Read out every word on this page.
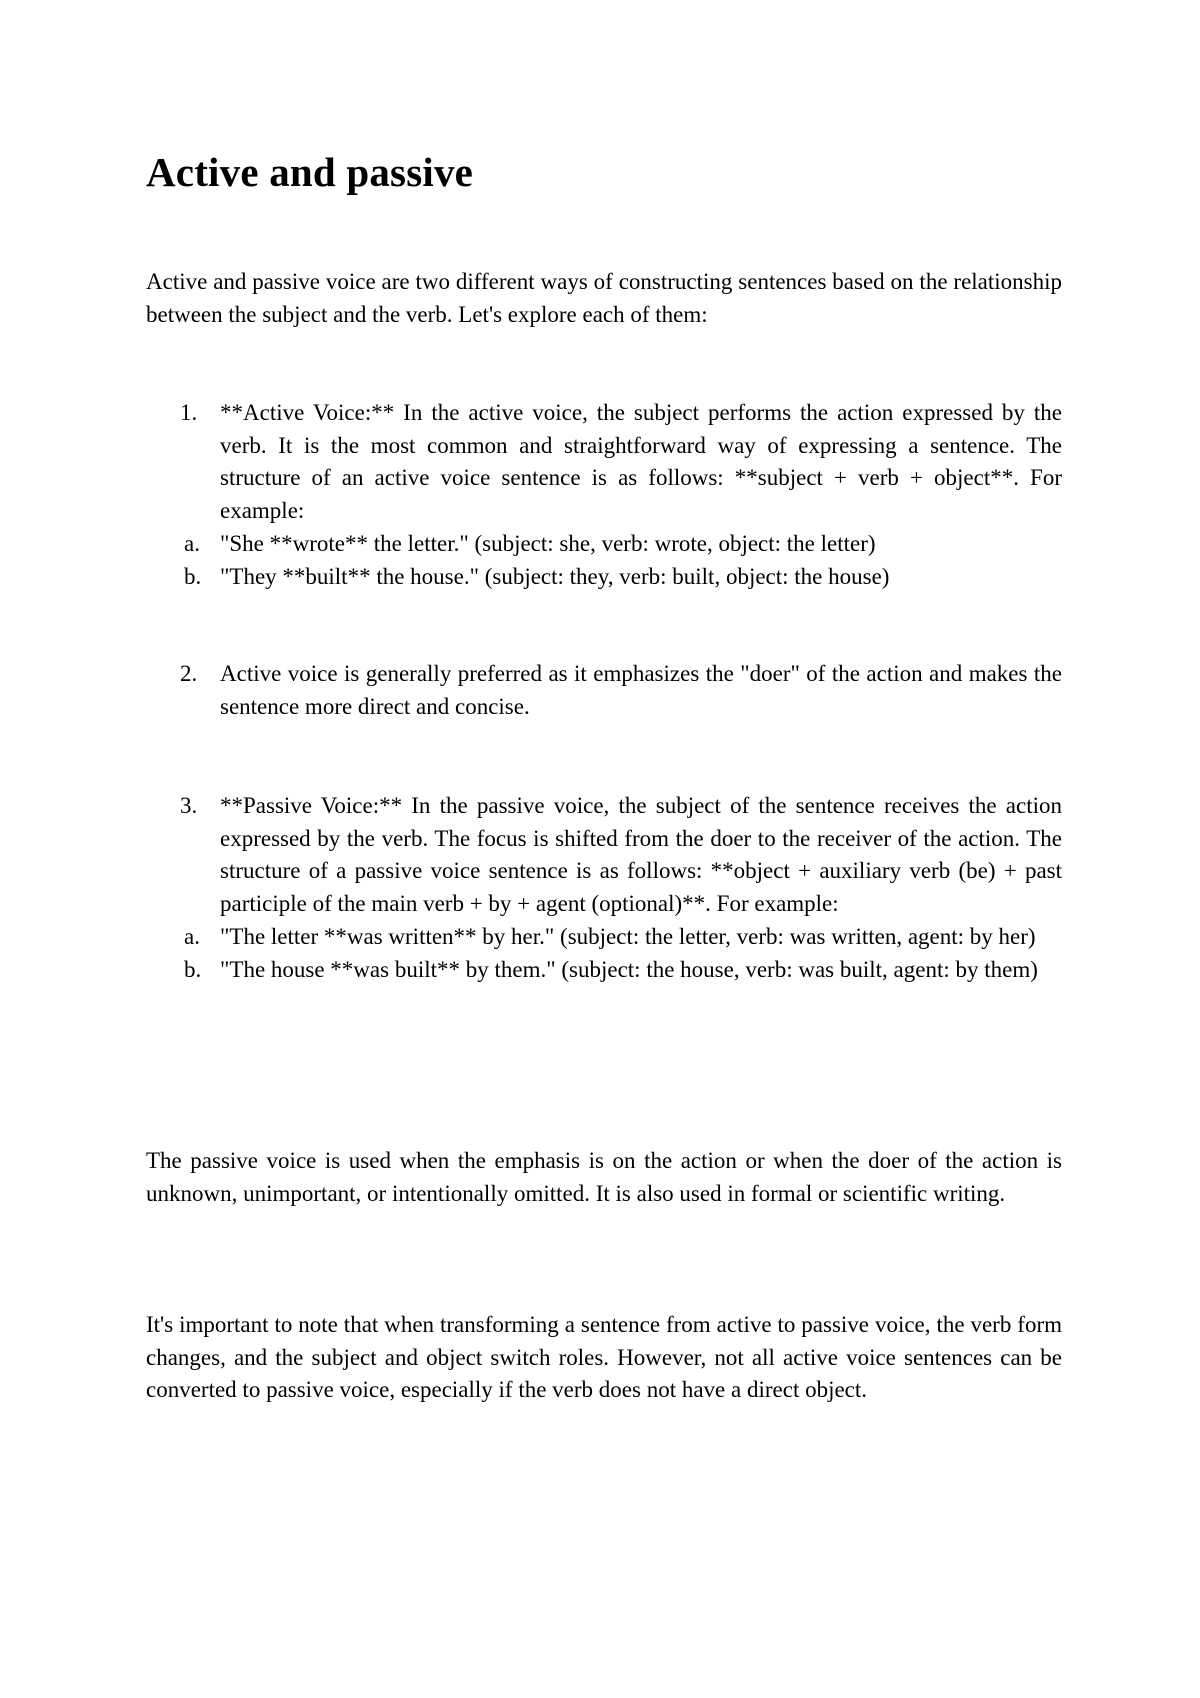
Active and passive

Active and passive voice are two different ways of constructing sentences based on the relationship between the subject and the verb. Let's explore each of them:

1. **Active Voice:** In the active voice, the subject performs the action expressed by the verb. It is the most common and straightforward way of expressing a sentence. The structure of an active voice sentence is as follows: **subject + verb + object**. For example:
a. "She **wrote** the letter." (subject: she, verb: wrote, object: the letter)
b. "They **built** the house." (subject: they, verb: built, object: the house)
2. Active voice is generally preferred as it emphasizes the "doer" of the action and makes the sentence more direct and concise.
3. **Passive Voice:** In the passive voice, the subject of the sentence receives the action expressed by the verb. The focus is shifted from the doer to the receiver of the action. The structure of a passive voice sentence is as follows: **object + auxiliary verb (be) + past participle of the main verb + by + agent (optional)**. For example:
a. "The letter **was written** by her." (subject: the letter, verb: was written, agent: by her)
b. "The house **was built** by them." (subject: the house, verb: was built, agent: by them)

The passive voice is used when the emphasis is on the action or when the doer of the action is unknown, unimportant, or intentionally omitted. It is also used in formal or scientific writing.

It's important to note that when transforming a sentence from active to passive voice, the verb form changes, and the subject and object switch roles. However, not all active voice sentences can be converted to passive voice, especially if the verb does not have a direct object.
